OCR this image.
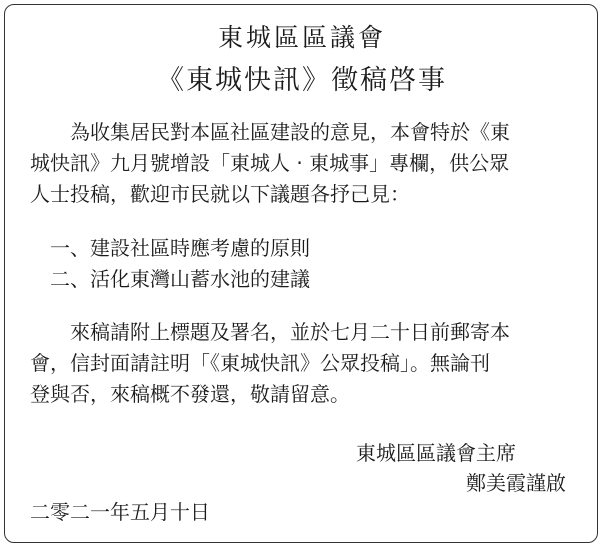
東城區區議會
《東城快訊》徵稿啓事
　　為收集居民對本區社區建設的意見，本會特於《東
城快訊》九月號增設「東城人 · 東城事」專欄，供公眾
人士投稿，歡迎市民就以下議題各抒己見：
　一、建設社區時應考慮的原則
　二、活化東灣山蓄水池的建議
　　來稿請附上標題及署名，並於七月二十日前郵寄本
會，信封面請註明「《東城快訊》公眾投稿」。無論刊
登與否，來稿概不發還，敬請留意。
東城區區議會主席
鄭美霞謹啟
二零二一年五月十日
